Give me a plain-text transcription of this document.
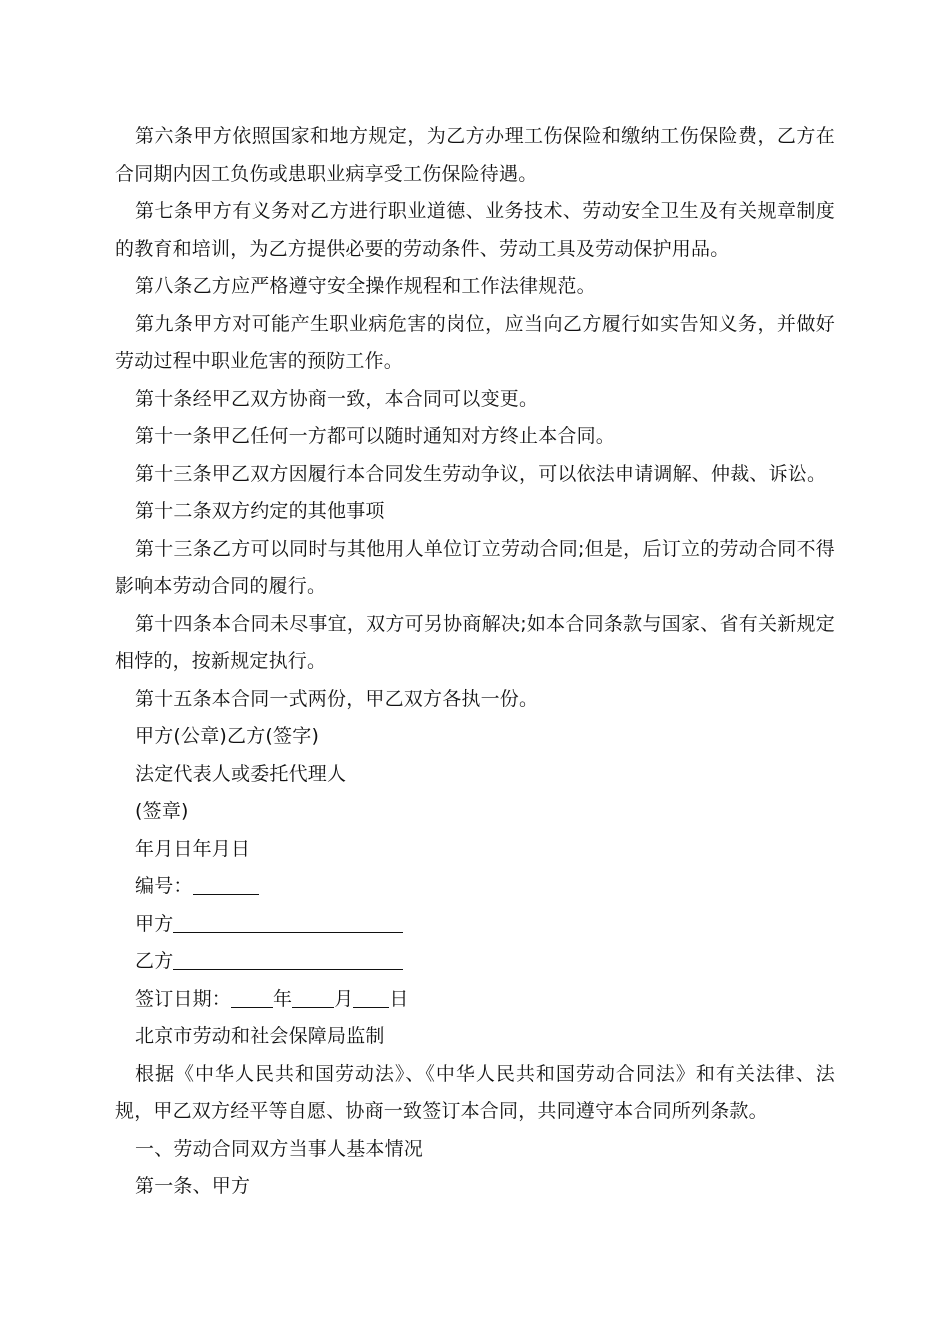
第六条甲方依照国家和地方规定，为乙方办理工伤保险和缴纳工伤保险费，乙方在合同期内因工负伤或患职业病享受工伤保险待遇。

第七条甲方有义务对乙方进行职业道德、业务技术、劳动安全卫生及有关规章制度的教育和培训，为乙方提供必要的劳动条件、劳动工具及劳动保护用品。

第八条乙方应严格遵守安全操作规程和工作法律规范。

第九条甲方对可能产生职业病危害的岗位，应当向乙方履行如实告知义务，并做好劳动过程中职业危害的预防工作。

第十条经甲乙双方协商一致，本合同可以变更。

第十一条甲乙任何一方都可以随时通知对方终止本合同。

第十三条甲乙双方因履行本合同发生劳动争议，可以依法申请调解、仲裁、诉讼。

第十二条双方约定的其他事项

第十三条乙方可以同时与其他用人单位订立劳动合同;但是，后订立的劳动合同不得影响本劳动合同的履行。

第十四条本合同未尽事宜，双方可另协商解决;如本合同条款与国家、省有关新规定相悖的，按新规定执行。

第十五条本合同一式两份，甲乙双方各执一份。

甲方(公章)乙方(签字)

法定代表人或委托代理人

(签章)

年月日年月日

编号：

甲方

乙方

签订日期： 年 月 日

北京市劳动和社会保障局监制

根据《中华人民共和国劳动法》、《中华人民共和国劳动合同法》和有关法律、法规，甲乙双方经平等自愿、协商一致签订本合同，共同遵守本合同所列条款。

一、劳动合同双方当事人基本情况

第一条、甲方
